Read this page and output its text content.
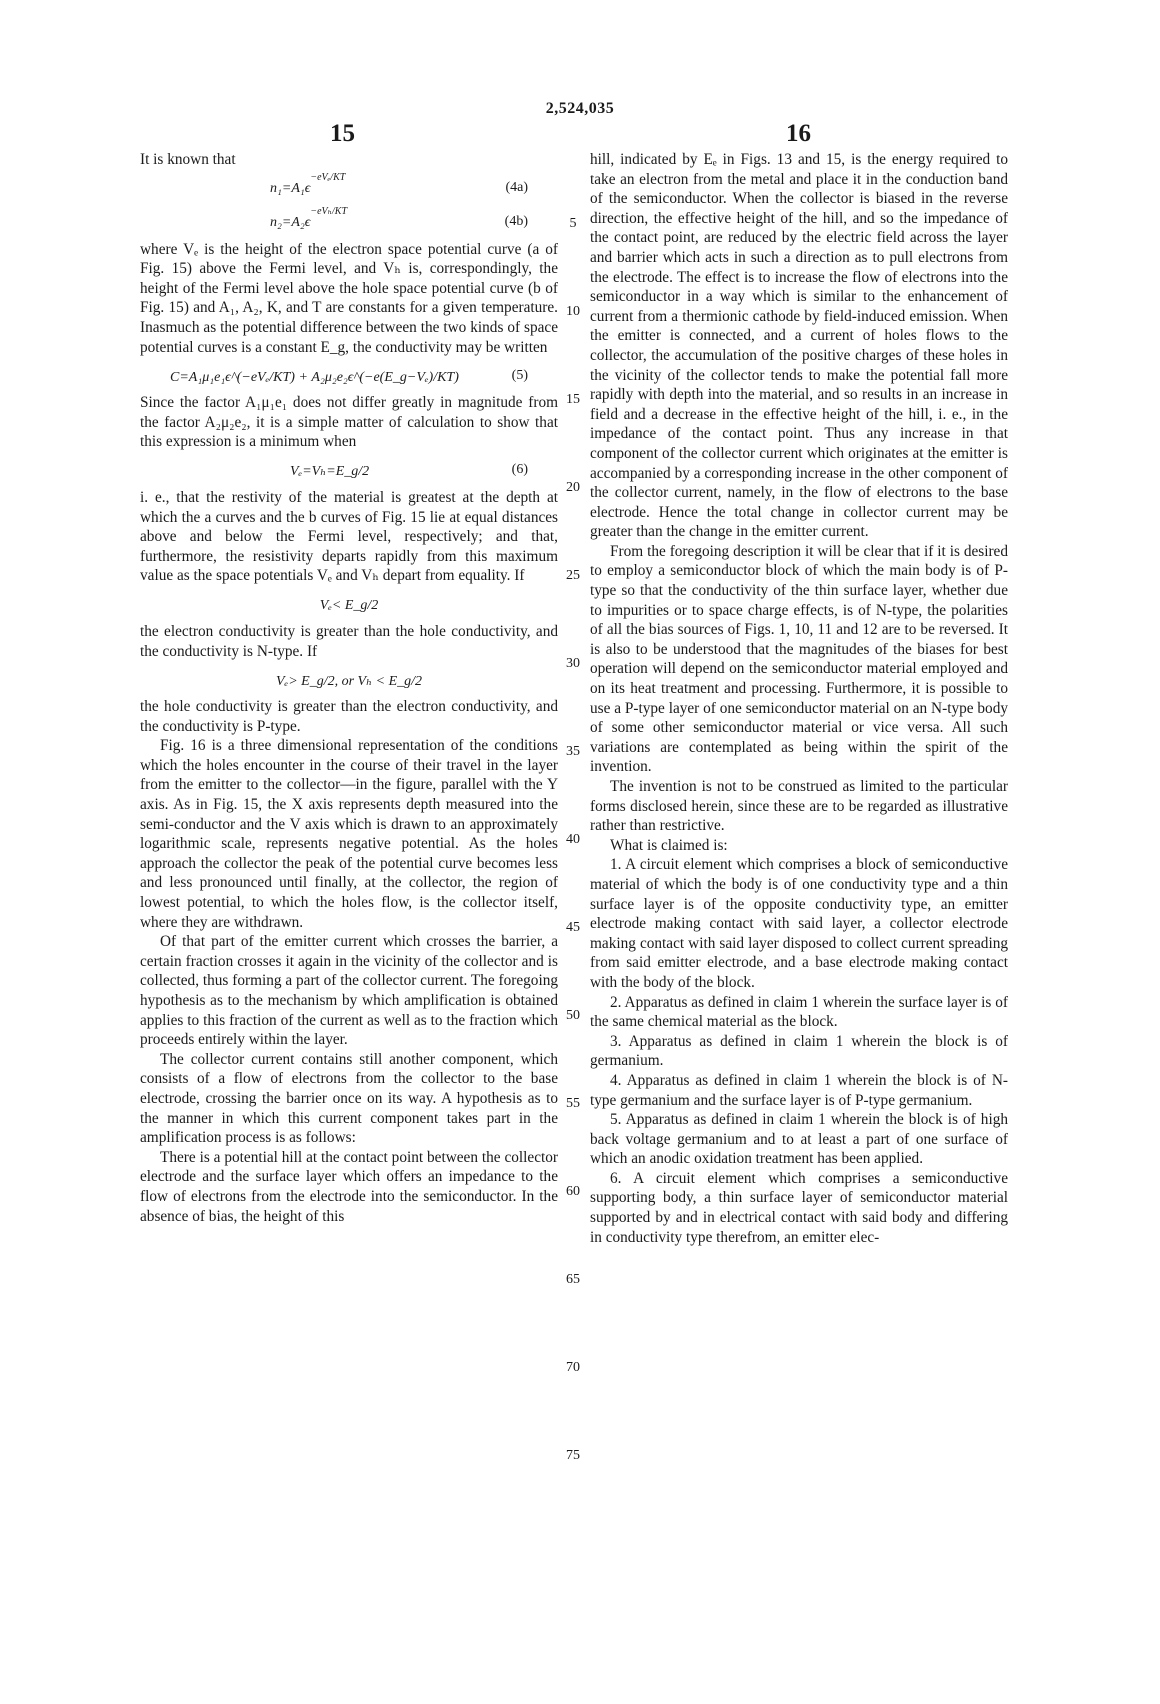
2,524,035
15	16

It is known that

$n_1=A_1\epsilon^{-eV_e/KT}$
(4a)
$n_2=A_2\epsilon^{-eV_h/KT}$
(4b)

where Vₑ is the height of the electron space potential curve (a of Fig. 15) above the Fermi level, and Vₕ is, correspondingly, the height of the Fermi level above the hole space potential curve (b of Fig. 15) and A₁, A₂, K, and T are constants for a given temperature. Inasmuch as the potential difference between the two kinds of space potential curves is a constant E_g, the conductivity may be written

C=A₁μ₁e₁ϵ^(−eVₑ/KT) + A₂μ₂e₂ϵ^(−e(E_g−Vₑ)/KT)	(5)

Since the factor A₁μ₁e₁ does not differ greatly in magnitude from the factor A₂μ₂e₂, it is a simple matter of calculation to show that this expression is a minimum when

Vₑ=Vₕ=E_g/2	(6)

i. e., that the restivity of the material is greatest at the depth at which the a curves and the b curves of Fig. 15 lie at equal distances above and below the Fermi level, respectively; and that, furthermore, the resistivity departs rapidly from this maximum value as the space potentials Vₑ and Vₕ depart from equality. If

Vₑ< E_g/2

the electron conductivity is greater than the hole conductivity, and the conductivity is N-type. If

Vₑ> E_g/2, or Vₕ < E_g/2

the hole conductivity is greater than the electron conductivity, and the conductivity is P-type.

Fig. 16 is a three dimensional representation of the conditions which the holes encounter in the course of their travel in the layer from the emitter to the collector—in the figure, parallel with the Y axis. As in Fig. 15, the X axis represents depth measured into the semi-conductor and the V axis which is drawn to an approximately logarithmic scale, represents negative potential. As the holes approach the collector the peak of the potential curve becomes less and less pronounced until finally, at the collector, the region of lowest potential, to which the holes flow, is the collector itself, where they are withdrawn.

Of that part of the emitter current which crosses the barrier, a certain fraction crosses it again in the vicinity of the collector and is collected, thus forming a part of the collector current. The foregoing hypothesis as to the mechanism by which amplification is obtained applies to this fraction of the current as well as to the fraction which proceeds entirely within the layer.

The collector current contains still another component, which consists of a flow of electrons from the collector to the base electrode, crossing the barrier once on its way. A hypothesis as to the manner in which this current component takes part in the amplification process is as follows:

There is a potential hill at the contact point between the collector electrode and the surface layer which offers an impedance to the flow of electrons from the electrode into the semiconductor. In the absence of bias, the height of this

5
10
15
20
25
30
35
40
45
50
55
60
65
70
75

hill, indicated by Eₑ in Figs. 13 and 15, is the energy required to take an electron from the metal and place it in the conduction band of the semiconductor. When the collector is biased in the reverse direction, the effective height of the hill, and so the impedance of the contact point, are reduced by the electric field across the layer and barrier which acts in such a direction as to pull electrons from the electrode. The effect is to increase the flow of electrons into the semiconductor in a way which is similar to the enhancement of current from a thermionic cathode by field-induced emission. When the emitter is connected, and a current of holes flows to the collector, the accumulation of the positive charges of these holes in the vicinity of the collector tends to make the potential fall more rapidly with depth into the material, and so results in an increase in field and a decrease in the effective height of the hill, i. e., in the impedance of the contact point. Thus any increase in that component of the collector current which originates at the emitter is accompanied by a corresponding increase in the other component of the collector current, namely, in the flow of electrons to the base electrode. Hence the total change in collector current may be greater than the change in the emitter current.

From the foregoing description it will be clear that if it is desired to employ a semiconductor block of which the main body is of P-type so that the conductivity of the thin surface layer, whether due to impurities or to space charge effects, is of N-type, the polarities of all the bias sources of Figs. 1, 10, 11 and 12 are to be reversed. It is also to be understood that the magnitudes of the biases for best operation will depend on the semiconductor material employed and on its heat treatment and processing. Furthermore, it is possible to use a P-type layer of one semiconductor material on an N-type body of some other semiconductor material or vice versa. All such variations are contemplated as being within the spirit of the invention.

The invention is not to be construed as limited to the particular forms disclosed herein, since these are to be regarded as illustrative rather than restrictive.

What is claimed is:

1. A circuit element which comprises a block of semiconductive material of which the body is of one conductivity type and a thin surface layer is of the opposite conductivity type, an emitter electrode making contact with said layer, a collector electrode making contact with said layer disposed to collect current spreading from said emitter electrode, and a base electrode making contact with the body of the block.

2. Apparatus as defined in claim 1 wherein the surface layer is of the same chemical material as the block.

3. Apparatus as defined in claim 1 wherein the block is of germanium.

4. Apparatus as defined in claim 1 wherein the block is of N-type germanium and the surface layer is of P-type germanium.

5. Apparatus as defined in claim 1 wherein the block is of high back voltage germanium and to at least a part of one surface of which an anodic oxidation treatment has been applied.

6. A circuit element which comprises a semiconductive supporting body, a thin surface layer of semiconductor material supported by and in electrical contact with said body and differing in conductivity type therefrom, an emitter elec-
